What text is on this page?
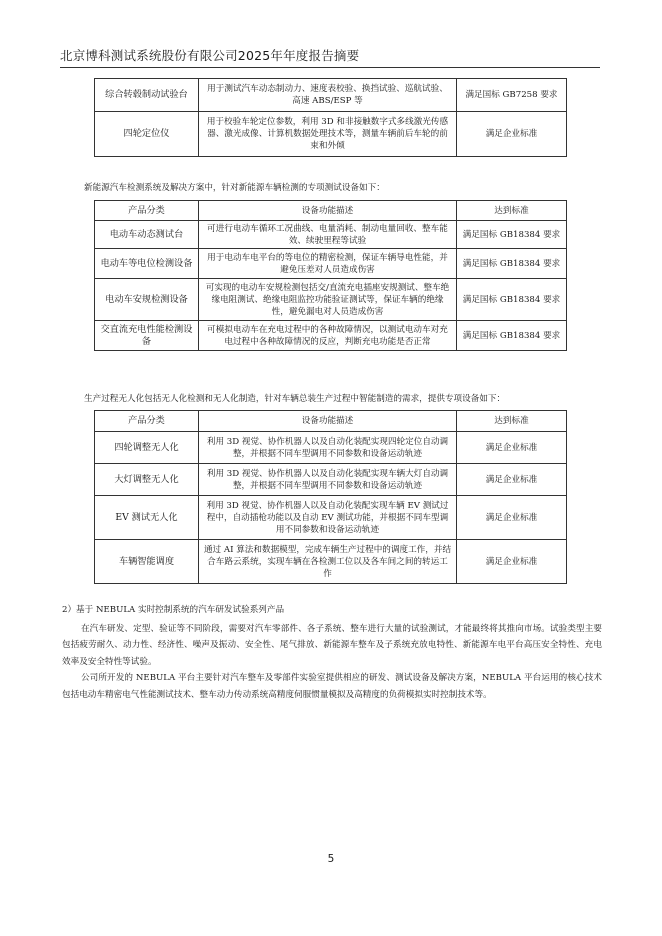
北京博科测试系统股份有限公司2025年年度报告摘要
综合转毂制动试验台	用于测试汽车动态制动力、速度表校验、换挡试验、巡航试验、高速 ABS/ESP 等	满足国标 GB7258 要求
四轮定位仪	用于校验车轮定位参数，利用 3D 和非接触数字式多线激光传感器、激光成像、计算机数据处理技术等，测量车辆前后车轮的前束和外倾	满足企业标准
新能源汽车检测系统及解决方案中，针对新能源车辆检测的专项测试设备如下：
产品分类	设备功能描述	达到标准
电动车动态测试台	可进行电动车循环工况曲线、电量消耗、制动电量回收、整车能效、续驶里程等试验	满足国标 GB18384 要求
电动车等电位检测设备	用于电动车电平台的等电位的精密检测，保证车辆导电性能，并避免压差对人员造成伤害	满足国标 GB18384 要求
电动车安规检测设备	可实现的电动车安规检测包括交/直流充电插座安规测试、整车绝缘电阻测试、绝缘电阻监控功能验证测试等，保证车辆的绝缘性，避免漏电对人员造成伤害	满足国标 GB18384 要求
交直流充电性能检测设备	可模拟电动车在充电过程中的各种故障情况，以测试电动车对充电过程中各种故障情况的反应，判断充电功能是否正常	满足国标 GB18384 要求
生产过程无人化包括无人化检测和无人化制造，针对车辆总装生产过程中智能制造的需求，提供专项设备如下：
产品分类	设备功能描述	达到标准
四轮调整无人化	利用 3D 视觉、协作机器人以及自动化装配实现四轮定位自动调整，并根据不同车型调用不同参数和设备运动轨迹	满足企业标准
大灯调整无人化	利用 3D 视觉、协作机器人以及自动化装配实现车辆大灯自动调整，并根据不同车型调用不同参数和设备运动轨迹	满足企业标准
EV 测试无人化	利用 3D 视觉、协作机器人以及自动化装配实现车辆 EV 测试过程中，自动插枪功能以及自动 EV 测试功能，并根据不同车型调用不同参数和设备运动轨迹	满足企业标准
车辆智能调度	通过 AI 算法和数据模型，完成车辆生产过程中的调度工作，并结合车路云系统，实现车辆在各检测工位以及各车间之间的转运工作	满足企业标准

2）基于 NEBULA 实时控制系统的汽车研发试验系列产品

在汽车研发、定型、验证等不同阶段，需要对汽车零部件、各子系统、整车进行大量的试验测试，才能最终将其推向市场。试验类型主要包括疲劳耐久、动力性、经济性、噪声及振动、安全性、尾气排放、新能源车整车及子系统充放电特性、新能源车电平台高压安全特性、充电效率及安全特性等试验。

公司所开发的 NEBULA 平台主要针对汽车整车及零部件实验室提供相应的研发、测试设备及解决方案，NEBULA 平台运用的核心技术包括电动车精密电气性能测试技术、整车动力传动系统高精度伺服惯量模拟及高精度的负荷模拟实时控制技术等。

5
